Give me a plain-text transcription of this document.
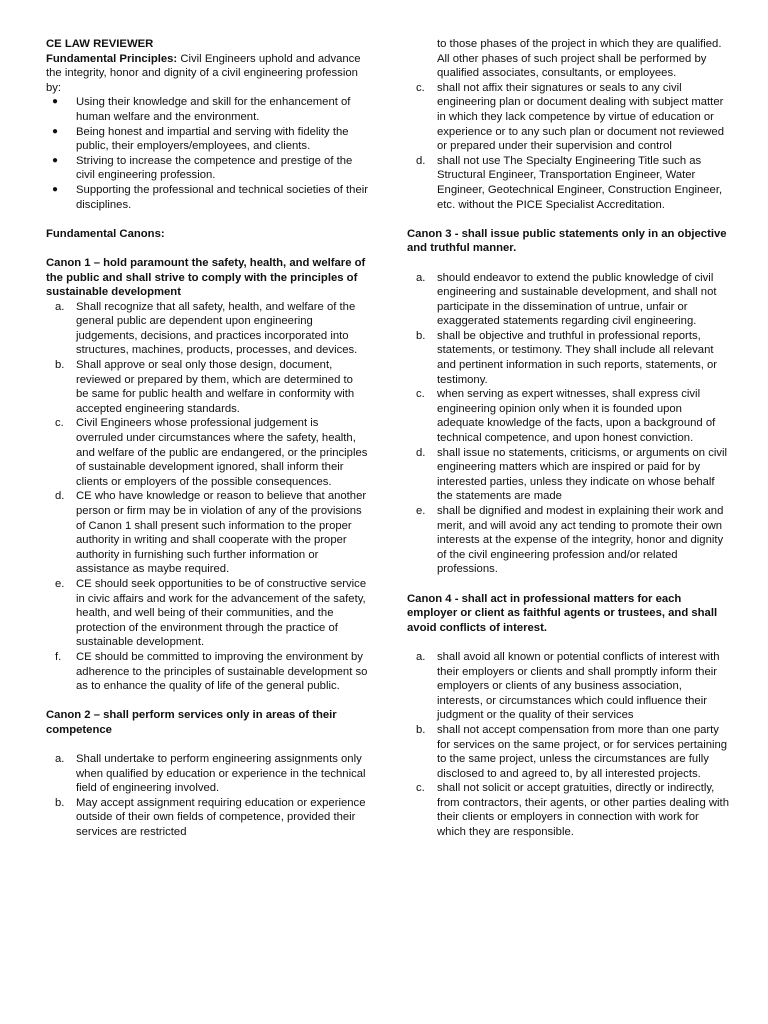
CE LAW REVIEWER

Fundamental Principles: Civil Engineers uphold and advance the integrity, honor and dignity of a civil engineering profession by:

● Using their knowledge and skill for the enhancement of human welfare and the environment.
● Being honest and impartial and serving with fidelity the public, their employers/employees, and clients.
● Striving to increase the competence and prestige of the civil engineering profession.
● Supporting the professional and technical societies of their disciplines.

Fundamental Canons:

Canon 1 – hold paramount the safety, health, and welfare of the public and shall strive to comply with the principles of sustainable development

a. Shall recognize that all safety, health, and welfare of the general public are dependent upon engineering judgements, decisions, and practices incorporated into structures, machines, products, processes, and devices.
b. Shall approve or seal only those design, document, reviewed or prepared by them, which are determined to be same for public health and welfare in conformity with accepted engineering standards.
c. Civil Engineers whose professional judgement is overruled under circumstances where the safety, health, and welfare of the public are endangered, or the principles of sustainable development ignored, shall inform their clients or employers of the possible consequences.
d. CE who have knowledge or reason to believe that another person or firm may be in violation of any of the provisions of Canon 1 shall present such information to the proper authority in writing and shall cooperate with the proper authority in furnishing such further information or assistance as maybe required.
e. CE should seek opportunities to be of constructive service in civic affairs and work for the advancement of the safety, health, and well being of their communities, and the protection of the environment through the practice of sustainable development.
f. CE should be committed to improving the environment by adherence to the principles of sustainable development so as to enhance the quality of life of the general public.

Canon 2 – shall perform services only in areas of their competence

a. Shall undertake to perform engineering assignments only when qualified by education or experience in the technical field of engineering involved.
b. May accept assignment requiring education or experience outside of their own fields of competence, provided their services are restricted
to those phases of the project in which they are qualified. All other phases of such project shall be performed by qualified associates, consultants, or employees.
c. shall not affix their signatures or seals to any civil engineering plan or document dealing with subject matter in which they lack competence by virtue of education or experience or to any such plan or document not reviewed or prepared under their supervision and control
d. shall not use The Specialty Engineering Title such as Structural Engineer, Transportation Engineer, Water Engineer, Geotechnical Engineer, Construction Engineer, etc. without the PICE Specialist Accreditation.

Canon 3 - shall issue public statements only in an objective and truthful manner.

a. should endeavor to extend the public knowledge of civil engineering and sustainable development, and shall not participate in the dissemination of untrue, unfair or exaggerated statements regarding civil engineering.
b. shall be objective and truthful in professional reports, statements, or testimony. They shall include all relevant and pertinent information in such reports, statements, or testimony.
c. when serving as expert witnesses, shall express civil engineering opinion only when it is founded upon adequate knowledge of the facts, upon a background of technical competence, and upon honest conviction.
d. shall issue no statements, criticisms, or arguments on civil engineering matters which are inspired or paid for by interested parties, unless they indicate on whose behalf the statements are made
e. shall be dignified and modest in explaining their work and merit, and will avoid any act tending to promote their own interests at the expense of the integrity, honor and dignity of the civil engineering profession and/or related professions.

Canon 4 - shall act in professional matters for each employer or client as faithful agents or trustees, and shall avoid conflicts of interest.

a. shall avoid all known or potential conflicts of interest with their employers or clients and shall promptly inform their employers or clients of any business association, interests, or circumstances which could influence their judgment or the quality of their services
b. shall not accept compensation from more than one party for services on the same project, or for services pertaining to the same project, unless the circumstances are fully disclosed to and agreed to, by all interested projects.
c. shall not solicit or accept gratuities, directly or indirectly, from contractors, their agents, or other parties dealing with their clients or employers in connection with work for which they are responsible.
